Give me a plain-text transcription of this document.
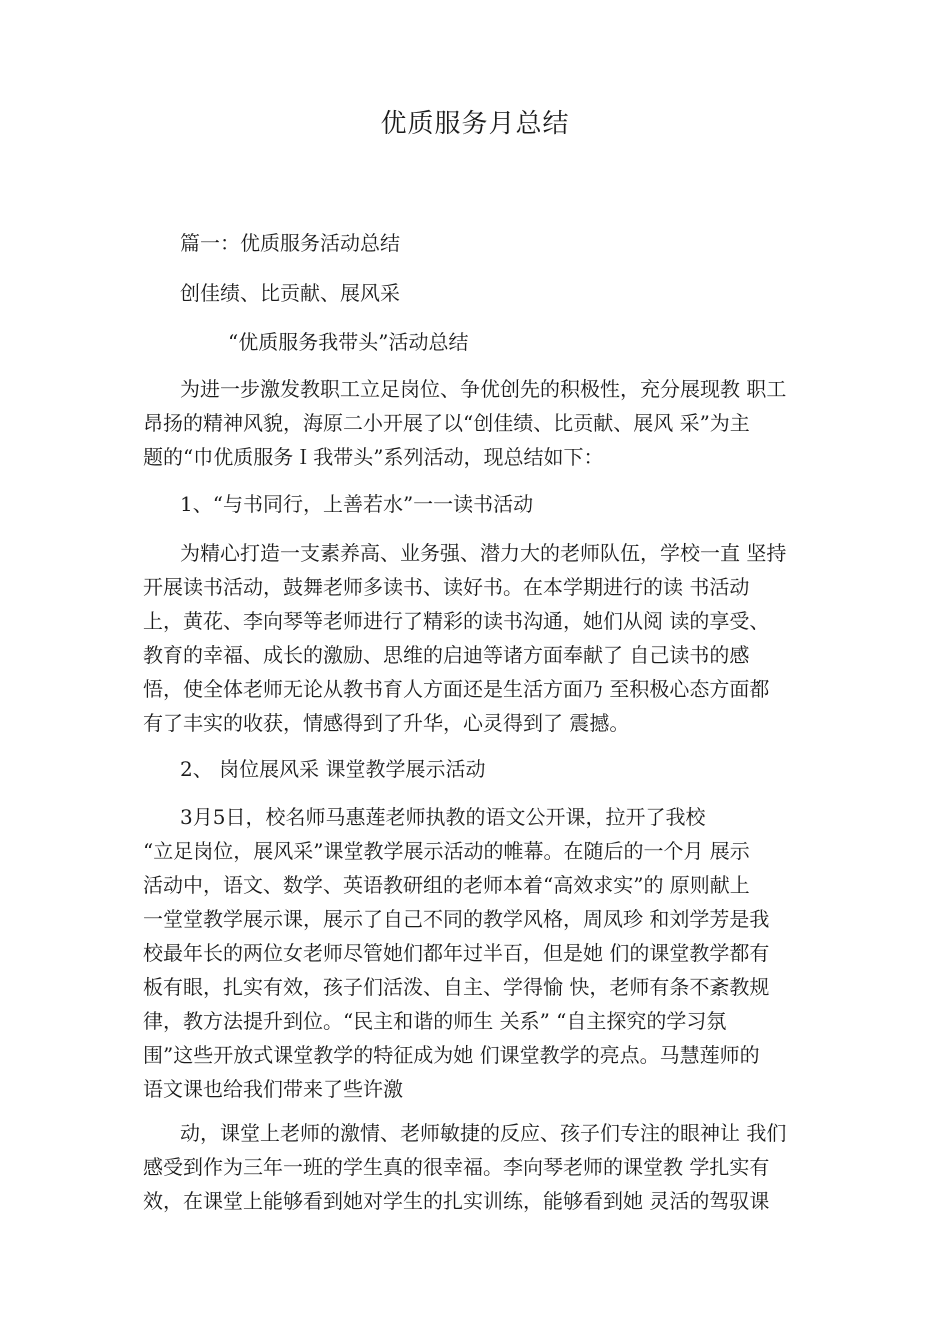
优质服务月总结
篇一：优质服务活动总结
创佳绩、比贡献、展风采
“优质服务我带头”活动总结
为进一步激发教职工立足岗位、争优创先的积极性，充分展现教 职工
昂扬的精神风貌，海原二小开展了以“创佳绩、比贡献、展风 采”为主
题的“巾优质服务Ｉ我带头”系列活动，现总结如下：
1、“与书同行，上善若水”一一读书活动
为精心打造一支素养高、业务强、潜力大的老师队伍，学校一直 坚持
开展读书活动，鼓舞老师多读书、读好书。在本学期进行的读 书活动
上，黄花、李向琴等老师进行了精彩的读书沟通，她们从阅 读的享受、
教育的幸福、成长的激励、思维的启迪等诸方面奉献了 自己读书的感
悟，使全体老师无论从教书育人方面还是生活方面乃 至积极心态方面都
有了丰实的收获，情感得到了升华，心灵得到了 震撼。
2、 岗位展风采 课堂教学展示活动
3月5日，校名师马惠莲老师执教的语文公开课，拉开了我校
“立足岗位，展风采”课堂教学展示活动的帷幕。在随后的一个月 展示
活动中，语文、数学、英语教研组的老师本着“高效求实”的 原则献上
一堂堂教学展示课，展示了自己不同的教学风格，周凤珍 和刘学芳是我
校最年长的两位女老师尽管她们都年过半百，但是她 们的课堂教学都有
板有眼，扎实有效，孩子们活泼、自主、学得愉 快，老师有条不紊教规
律，教方法提升到位。“民主和谐的师生 关系” “自主探究的学习氛
围”这些开放式课堂教学的特征成为她 们课堂教学的亮点。马慧莲师的
语文课也给我们带来了些许激
动，课堂上老师的激情、老师敏捷的反应、孩子们专注的眼神让 我们
感受到作为三年一班的学生真的很幸福。李向琴老师的课堂教 学扎实有
效，在课堂上能够看到她对学生的扎实训练，能够看到她 灵活的驾驭课
